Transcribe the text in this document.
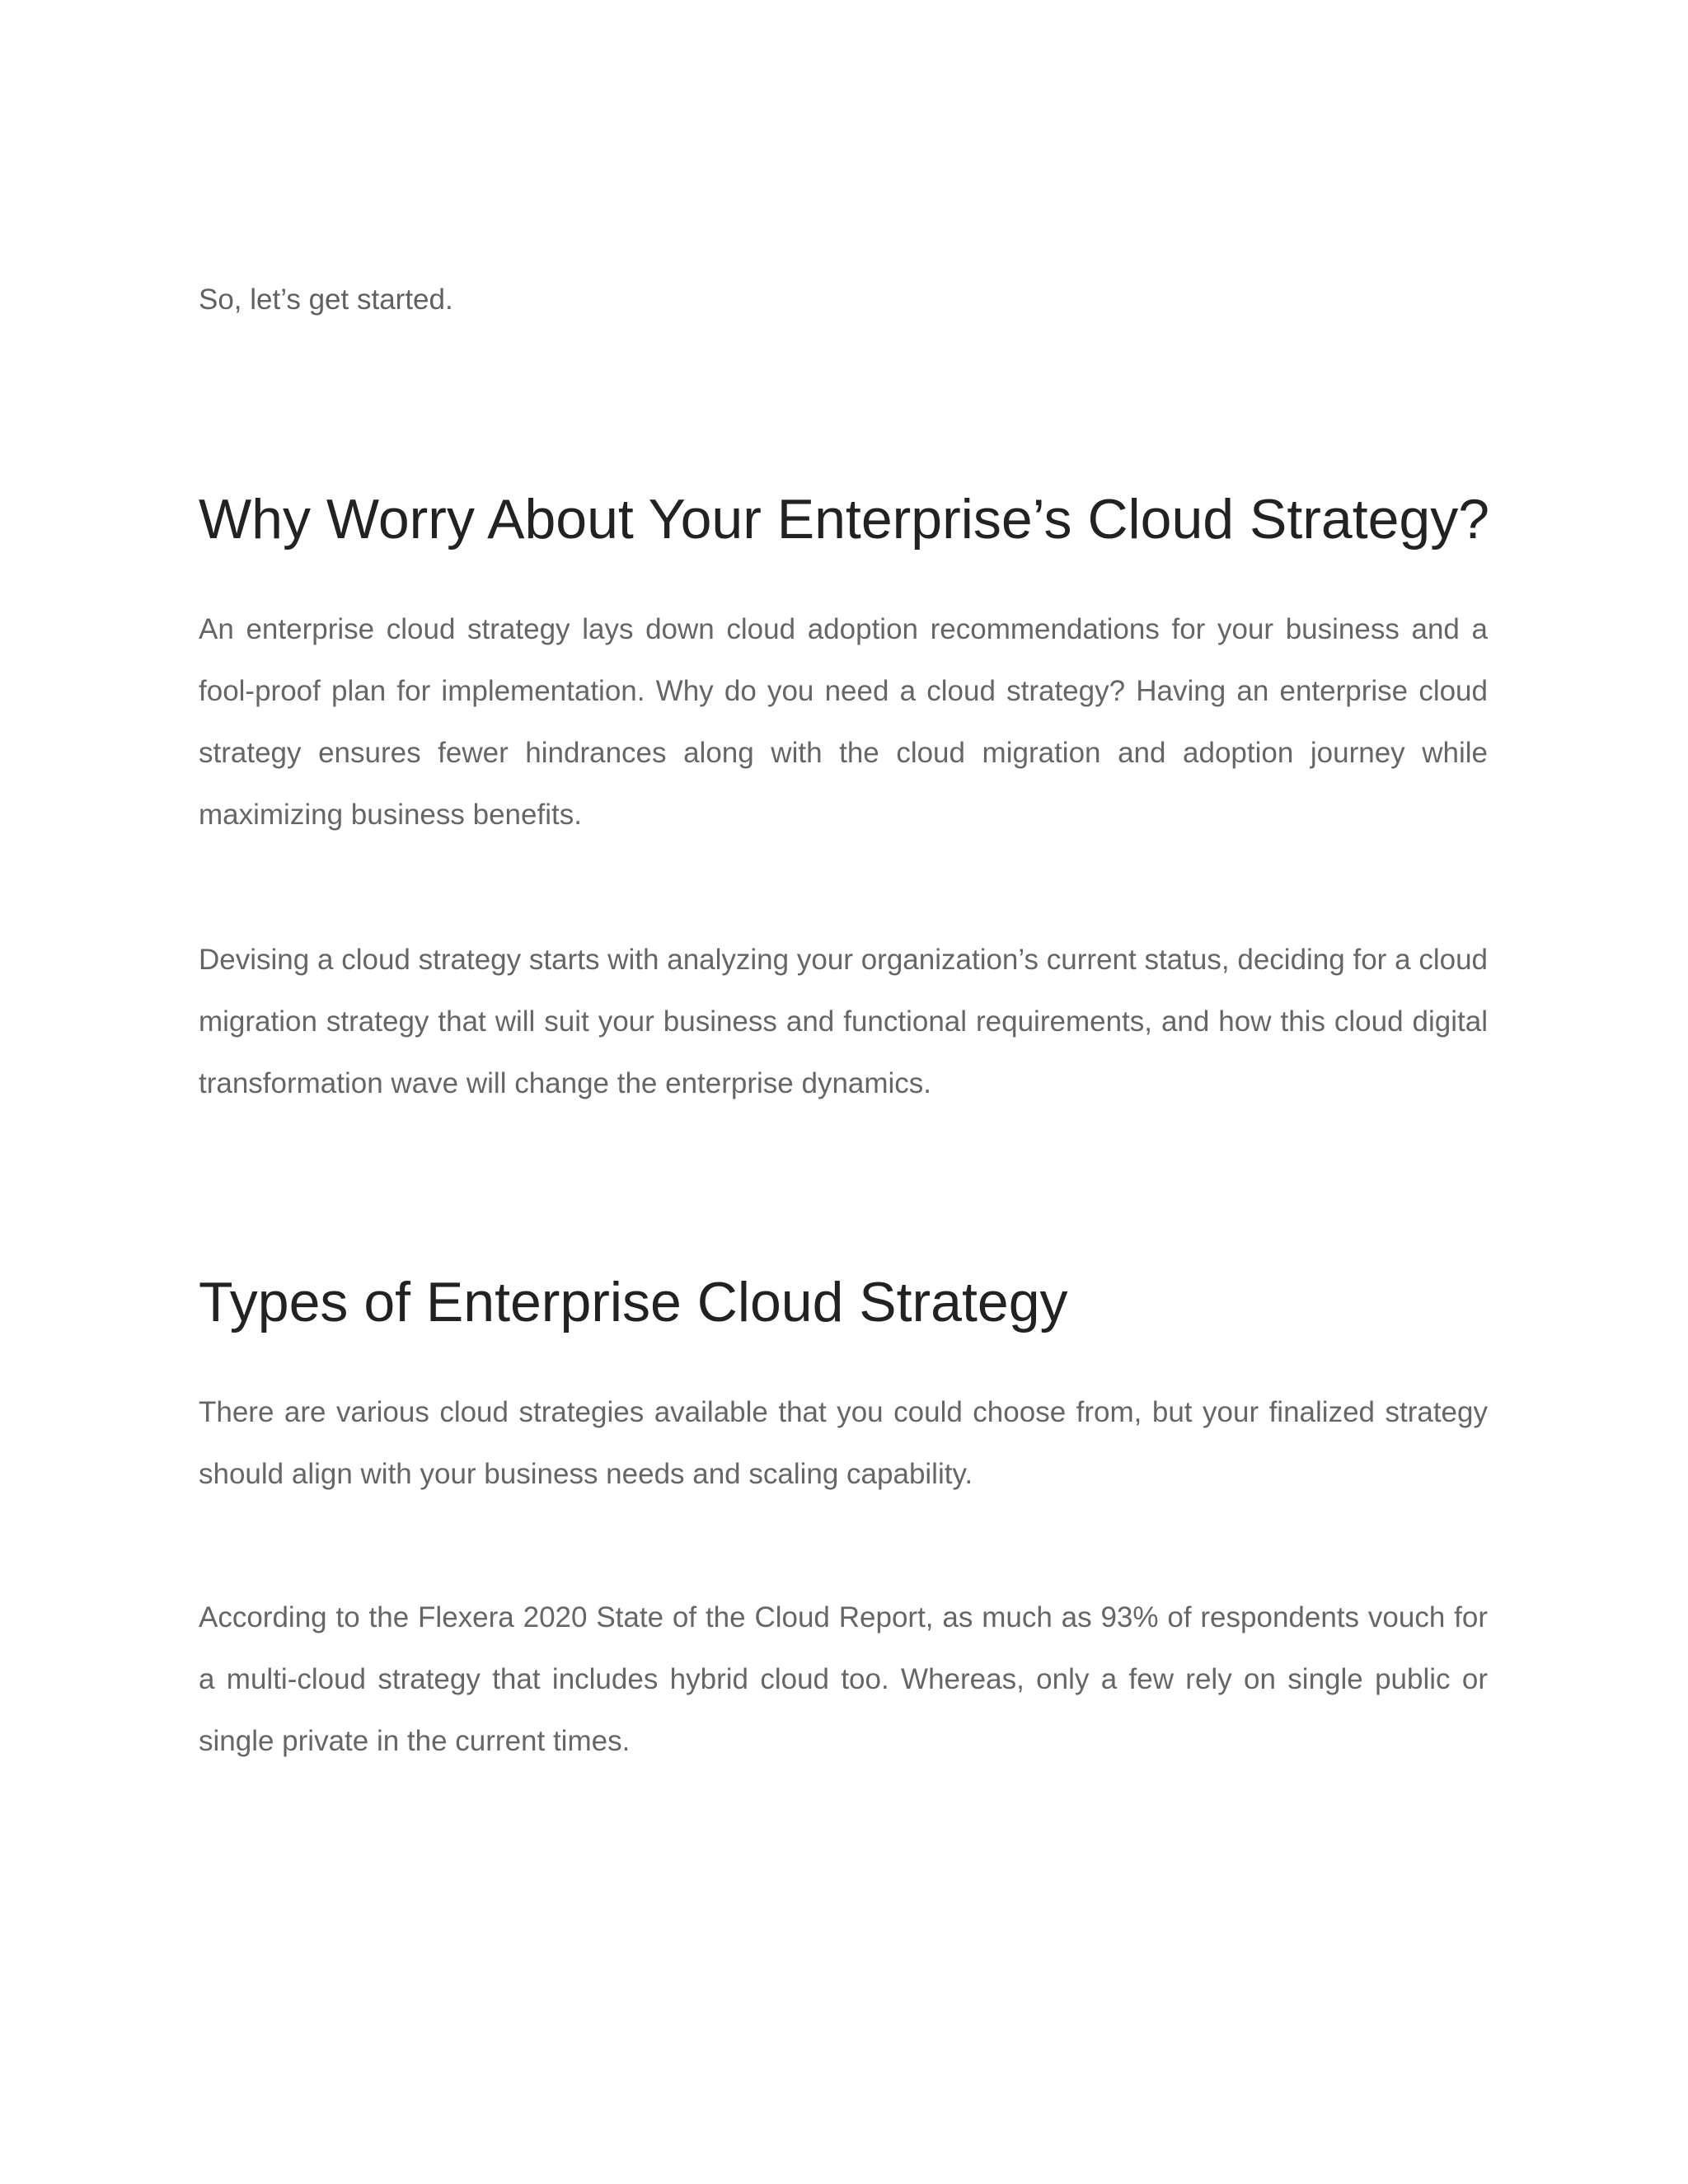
So, let’s get started.

Why Worry About Your Enterprise’s Cloud Strategy?

An enterprise cloud strategy lays down cloud adoption recommendations for your business and a fool-proof plan for implementation. Why do you need a cloud strategy? Having an enterprise cloud strategy ensures fewer hindrances along with the cloud migration and adoption journey while maximizing business benefits.

Devising a cloud strategy starts with analyzing your organization’s current status, deciding for a cloud migration strategy that will suit your business and functional requirements, and how this cloud digital transformation wave will change the enterprise dynamics.

Types of Enterprise Cloud Strategy

There are various cloud strategies available that you could choose from, but your finalized strategy should align with your business needs and scaling capability.

According to the Flexera 2020 State of the Cloud Report, as much as 93% of respondents vouch for a multi-cloud strategy that includes hybrid cloud too. Whereas, only a few rely on single public or single private in the current times.
